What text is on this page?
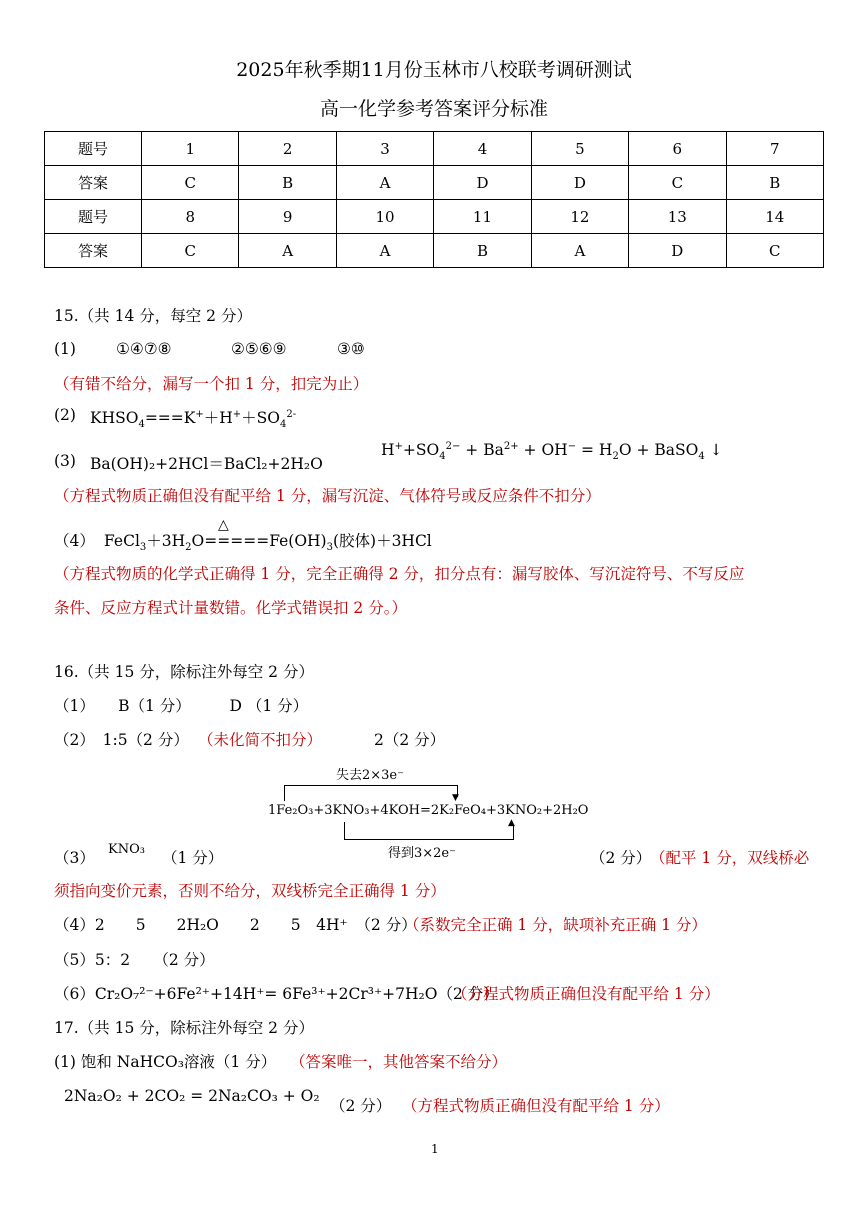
2025年秋季期11月份玉林市八校联考调研测试
高一化学参考答案评分标准
题号	1	2	3	4	5	6	7
答案	C	B	A	D	D	C	B
题号	8	9	10	11	12	13	14
答案	C	A	A	B	A	D	C
15.（共 14 分，每空 2 分）
(1)	①④⑦⑧	②⑤⑥⑨	③⑩
（有错不给分，漏写一个扣 1 分，扣完为止）
(2) $KHSO_4===K^++H^++SO_4^{2-}$
(3) Ba(OH)₂+2HCl＝BaCl₂+2H₂O
$H^++SO_4^{2-} + Ba^{2+} + OH^- = H_2O$ + BaSO$_4$ ↓
（方程式物质正确但没有配平给 1 分，漏写沉淀、气体符号或反应条件不扣分）
△
（4） $FeCl_3+3H_2O=====Fe(OH)_3$(胶体)＋3HCl
（方程式物质的化学式正确得 1 分，完全正确得 2 分，扣分点有：漏写胶体、写沉淀符号、不写反应
条件、反应方程式计量数错。化学式错误扣 2 分。）
16.（共 15 分，除标注外每空 2 分）
（1）　　B（1 分）　　　D （1 分）
（2）　1:5（2 分） （未化简不扣分）	2（2 分）
失去2×3e⁻
▼
1Fe₂O₃+3KNO₃+4KOH=2K₂FeO₄+3KNO₂+2H₂O
▲
得到3×2e⁻
（3） KNO₃ （1 分）	（2 分）
（配平 1 分，双线桥必
须指向变价元素，否则不给分，双线桥完全正确得 1 分）
（4）2　　5　　2H₂O　　2　　5　4H⁺　（2 分）
（系数完全正确 1 分，缺项补充正确 1 分）
（5）5：2　　（2 分）
（6）Cr₂O₇²⁻+6Fe²⁺+14H⁺= 6Fe³⁺+2Cr³⁺+7H₂O（2 分）
（方程式物质正确但没有配平给 1 分）
17.（共 15 分，除标注外每空 2 分）
(1) 饱和 NaHCO₃溶液（1 分） （答案唯一，其他答案不给分）
2Na₂O₂ + 2CO₂ = 2Na₂CO₃ + O₂
（2 分） （方程式物质正确但没有配平给 1 分）
1
